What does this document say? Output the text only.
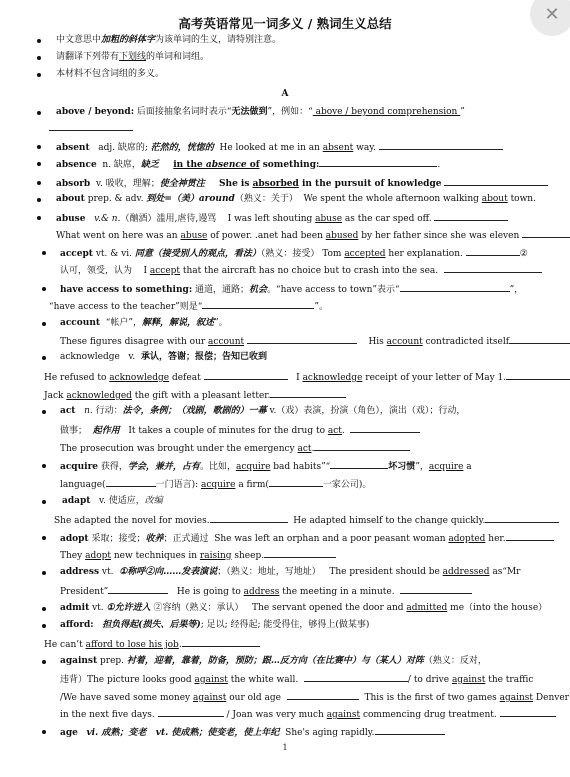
✕
高考英语常见一词多义 / 熟词生义总结
中文意思中加粗的斜体字为该单词的生义，请特别注意。
请翻译下列带有下划线的单词和词组。
本材料不包含词组的多义。
A
above / beyond: 后面接抽象名词时表示“无法做到”，例如：“ above / beyond comprehension ”
absent   adj. 缺席的; 茫然的，恍惚的  He looked at me in an absent way.
absence  n. 缺席，缺乏 in the absence of something:	.
absorb  v. 吸收，理解；使全神贯注 She is absorbed in the pursuit of knowledge
about prep. & adv. 到处=（美）around（熟义：关于）  We spent the whole afternoon walking about town.
abuse v.& n.（酗酒）滥用,虐待,谩骂    I was left shouting abuse as the car sped off.
What went on here was an abuse of power. .anet had been abused by her father since she was eleven
accept vt. & vi. 同意（接受别人的观点，看法）（熟义：接受） Tom accepted her explanation.	②
认可，领受，认为    I accept that the aircraft has no choice but to crash into the sea.
have access to something: 通道，通路；机会。“have access to town”表示“	”，
“have access to the teacher”则是“	”。
account  “帐户”，解释，解说，叙述”。
These figures disagree with our account	His account contradicted itself
acknowledge   v.  承认，答谢；报偿；告知已收到
He refused to acknowledge defeat	I acknowledge receipt of your letter of May 1.
Jack acknowledged the gift with a pleasant letter.
act n. 行动：法令，条例；（戏剧，歌剧的）一幕 v.（戏）表演，扮演（角色），演出（戏）；行动，
做事；  起作用   It takes a couple of minutes for the drug to act.
The prosecution was brought under the emergency act.
acquire 获得，学会，兼并，占有。比如，acquire bad habits”“	坏习惯”，acquire a
language(	一门语言): acquire a firm(	一家公司)。
adapt   v. 使适应，改编
She adapted the novel for movies.	He adapted himself to the change quickly.
adopt 采取；接受；收养；正式通过  She was left an orphan and a poor peasant woman adopted her.
They adopt new techniques in raising sheep.
address vt.  ①称呼②向……发表演说；（熟义：地址，写地址）   The president should be addressed as“Mr
President”	He is going to address the meeting in a minute.
admit vt. ①允许进入 ②容纳（熟义：承认）   The servant opened the door and admitted me（into the house）
afford: 担负得起(损失、后果等); 足以; 经得起; 能受得住，够得上(做某事)
He can’t afford to lose his job.
against prep. 衬着，迎着，靠着，防备，预防；跟…反方向（在比赛中）与（某人）对阵（熟义：反对，
违背）The picture looks good against the white wall.	/ to drive against the traffic
/We have saved some money against our old age	This is the first of two games against Denver
in the next five days.	/ Joan was very much against commencing drug treatment.
age vi. 成熟；变老   vt. 使成熟；使变老，使上年纪  She's aging rapidly.
1
